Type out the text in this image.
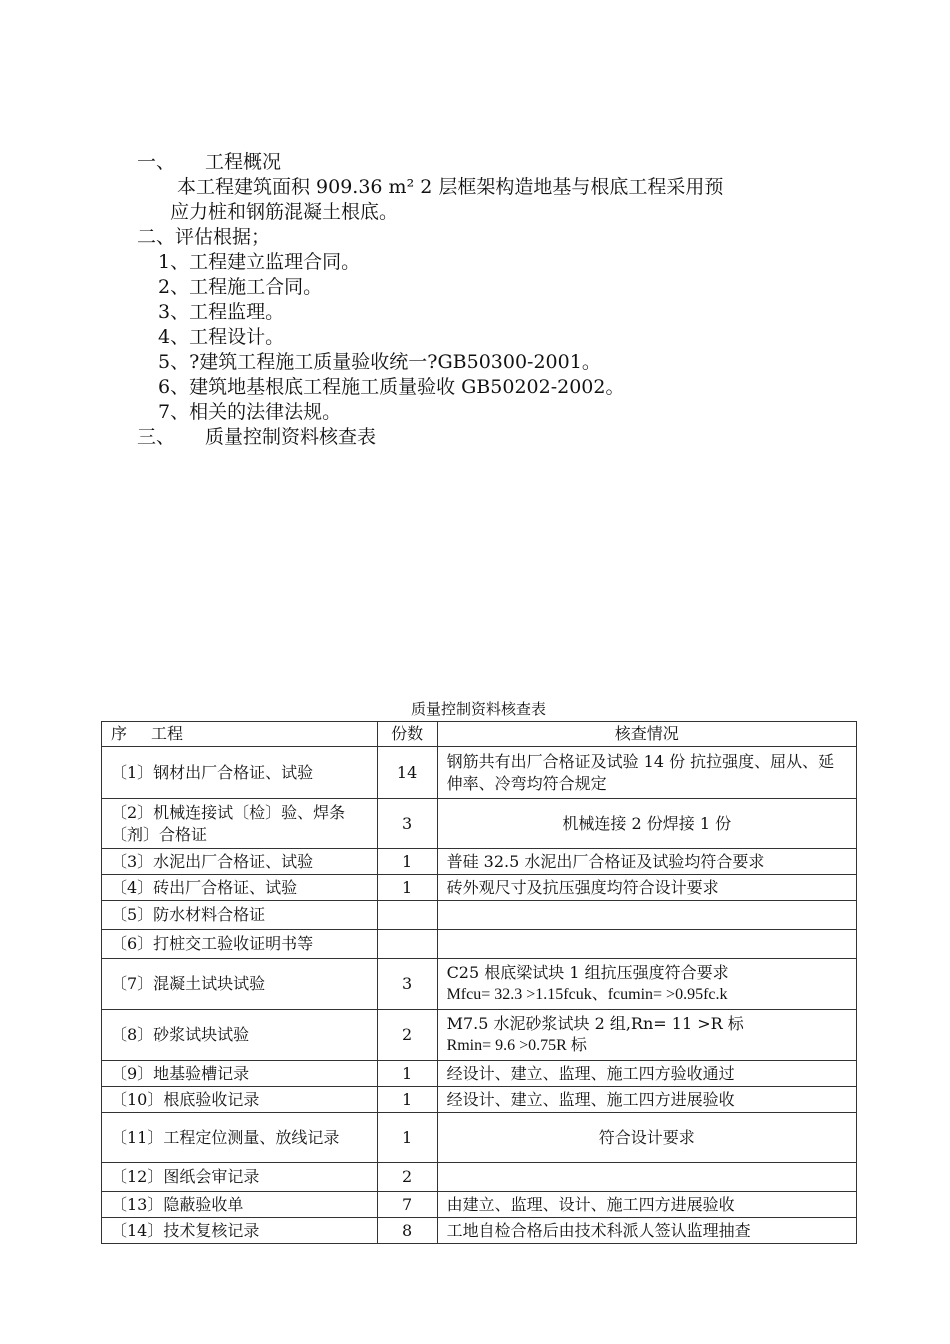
一、 工程概况
本工程建筑面积 909.36 m² 2 层框架构造地基与根底工程采用预
应力桩和钢筋混凝土根底。
二、评估根据；
1、工程建立监理合同。
2、工程施工合同。
3、工程监理。
4、工程设计。
5、?建筑工程施工质量验收统一?GB50300-2001。
6、建筑地基根底工程施工质量验收 GB50202-2002。
7、相关的法律法规。
三、 质量控制资料核查表
质量控制资料核查表
序 工程	份数	核查情况
〔1〕钢材出厂合格证、试验	14	钢筋共有出厂合格证及试验 14 份 抗拉强度、屈从、延伸率、冷弯均符合规定
〔2〕机械连接试〔检〕验、焊条〔剂〕合格证	3	机械连接 2 份焊接 1 份
〔3〕水泥出厂合格证、试验	1	普硅 32.5 水泥出厂合格证及试验均符合要求
〔4〕砖出厂合格证、试验	1	砖外观尺寸及抗压强度均符合设计要求
〔5〕防水材料合格证		
〔6〕打桩交工验收证明书等		
〔7〕混凝土试块试验	3	C25 根底梁试块 1 组抗压强度符合要求
Mfcu= 32.3 >1.15fcuk、fcumin= >0.95fc.k

〔8〕砂浆试块试验	2	M7.5 水泥砂浆试块 2 组,Rn= 11 >R 标
Rmin= 9.6 >0.75R 标

〔9〕地基验槽记录	1	经设计、建立、监理、施工四方验收通过
〔10〕根底验收记录	1	经设计、建立、监理、施工四方进展验收
〔11〕工程定位测量、放线记录	1	符合设计要求
〔12〕图纸会审记录	2	
〔13〕隐蔽验收单	7	由建立、监理、设计、施工四方进展验收
〔14〕技术复核记录	8	工地自检合格后由技术科派人签认监理抽查
